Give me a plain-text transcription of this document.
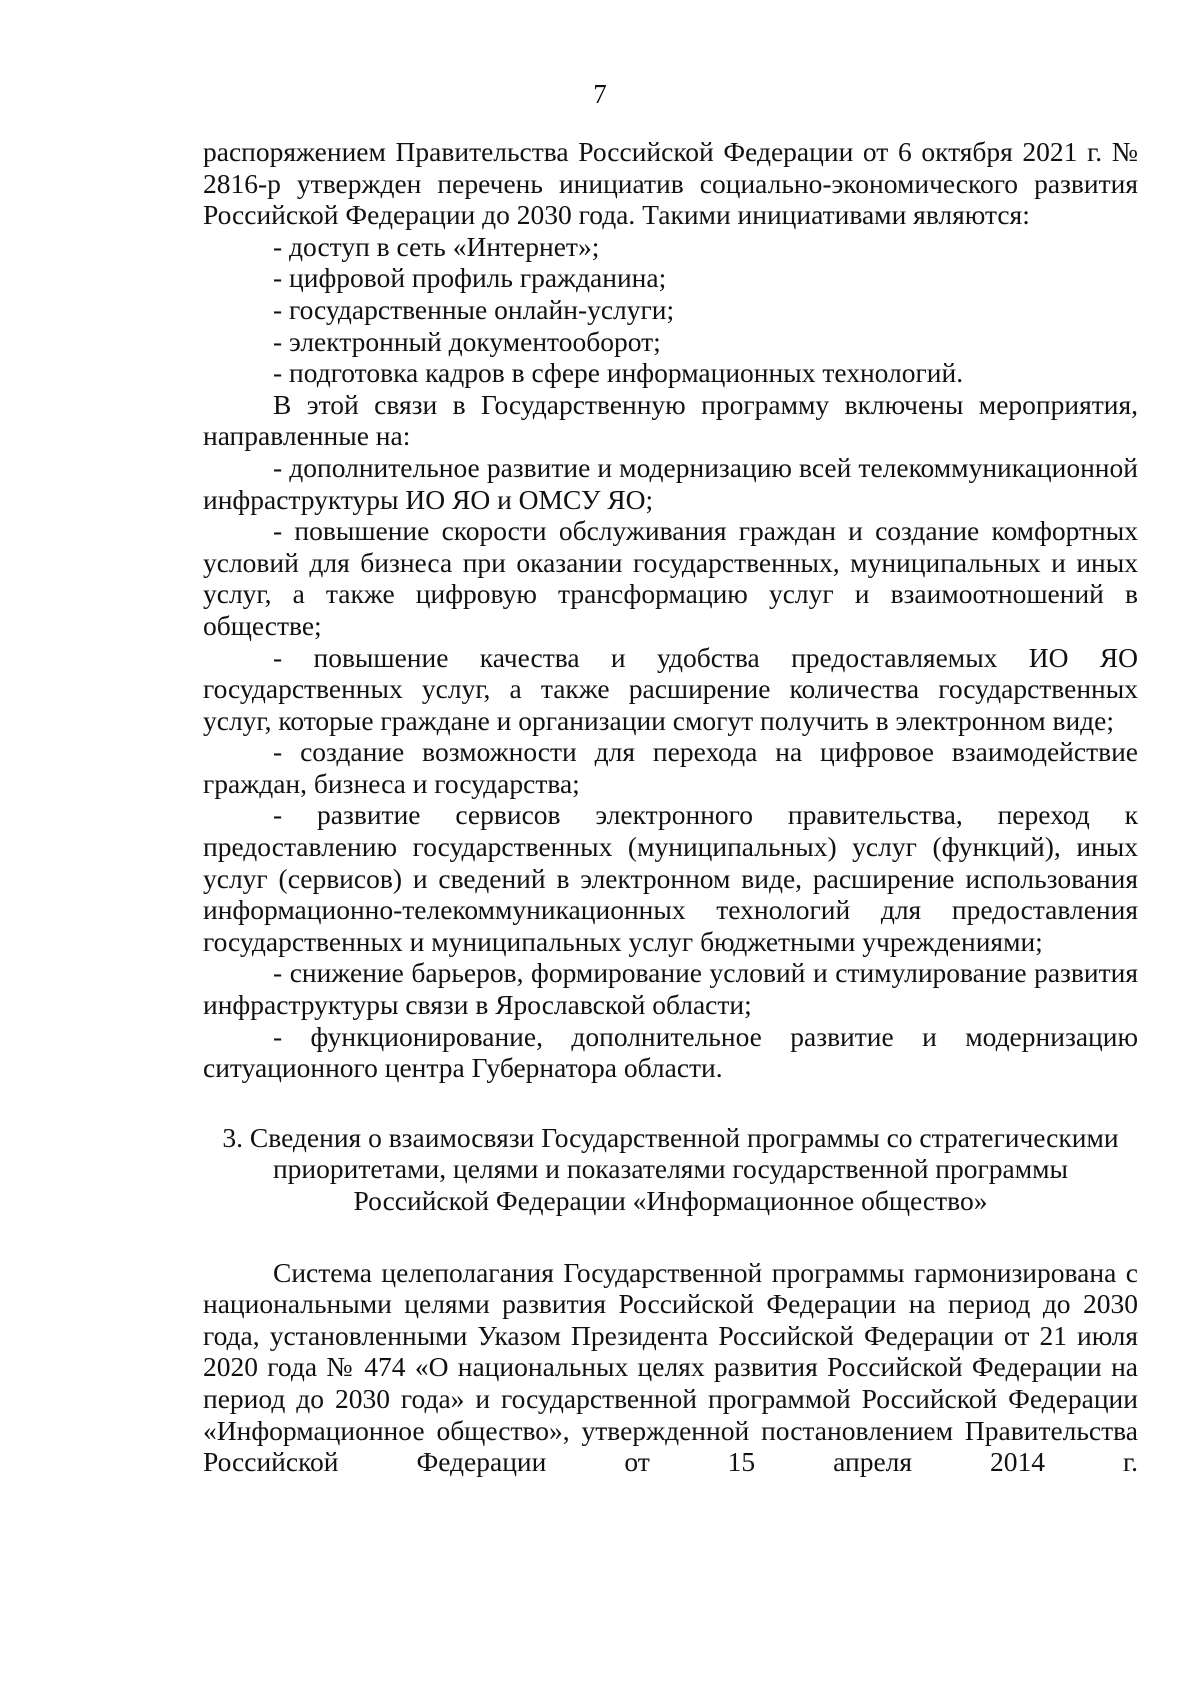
7

распоряжением Правительства Российской Федерации от 6 октября 2021 г. № 2816-р утвержден перечень инициатив социально-экономического развития Российской Федерации до 2030 года. Такими инициативами являются:

- доступ в сеть «Интернет»;

- цифровой профиль гражданина;

- государственные онлайн-услуги;

- электронный документооборот;

- подготовка кадров в сфере информационных технологий.

В этой связи в Государственную программу включены мероприятия, направленные на:

- дополнительное развитие и модернизацию всей телекоммуникационной инфраструктуры ИО ЯО и ОМСУ ЯО;

- повышение скорости обслуживания граждан и создание комфортных условий для бизнеса при оказании государственных, муниципальных и иных услуг, а также цифровую трансформацию услуг и взаимоотношений в обществе;

- повышение качества и удобства предоставляемых ИО ЯО государственных услуг, а также расширение количества государственных услуг, которые граждане и организации смогут получить в электронном виде;

- создание возможности для перехода на цифровое взаимодействие граждан, бизнеса и государства;

- развитие сервисов электронного правительства, переход к предоставлению государственных (муниципальных) услуг (функций), иных услуг (сервисов) и сведений в электронном виде, расширение использования информационно-телекоммуникационных технологий для предоставления государственных и муниципальных услуг бюджетными учреждениями;

- снижение барьеров, формирование условий и стимулирование развития инфраструктуры связи в Ярославской области;

- функционирование, дополнительное развитие и модернизацию ситуационного центра Губернатора области.

3. Сведения о взаимосвязи Государственной программы со стратегическими
приоритетами, целями и показателями государственной программы
Российской Федерации «Информационное общество»

Система целеполагания Государственной программы гармонизирована с национальными целями развития Российской Федерации на период до 2030 года, установленными Указом Президента Российской Федерации от 21 июля 2020 года № 474 «О национальных целях развития Российской Федерации на период до 2030 года» и государственной программой Российской Федерации «Информационное общество», утвержденной постановлением Правительства Российской Федерации от 15 апреля 2014 г.
